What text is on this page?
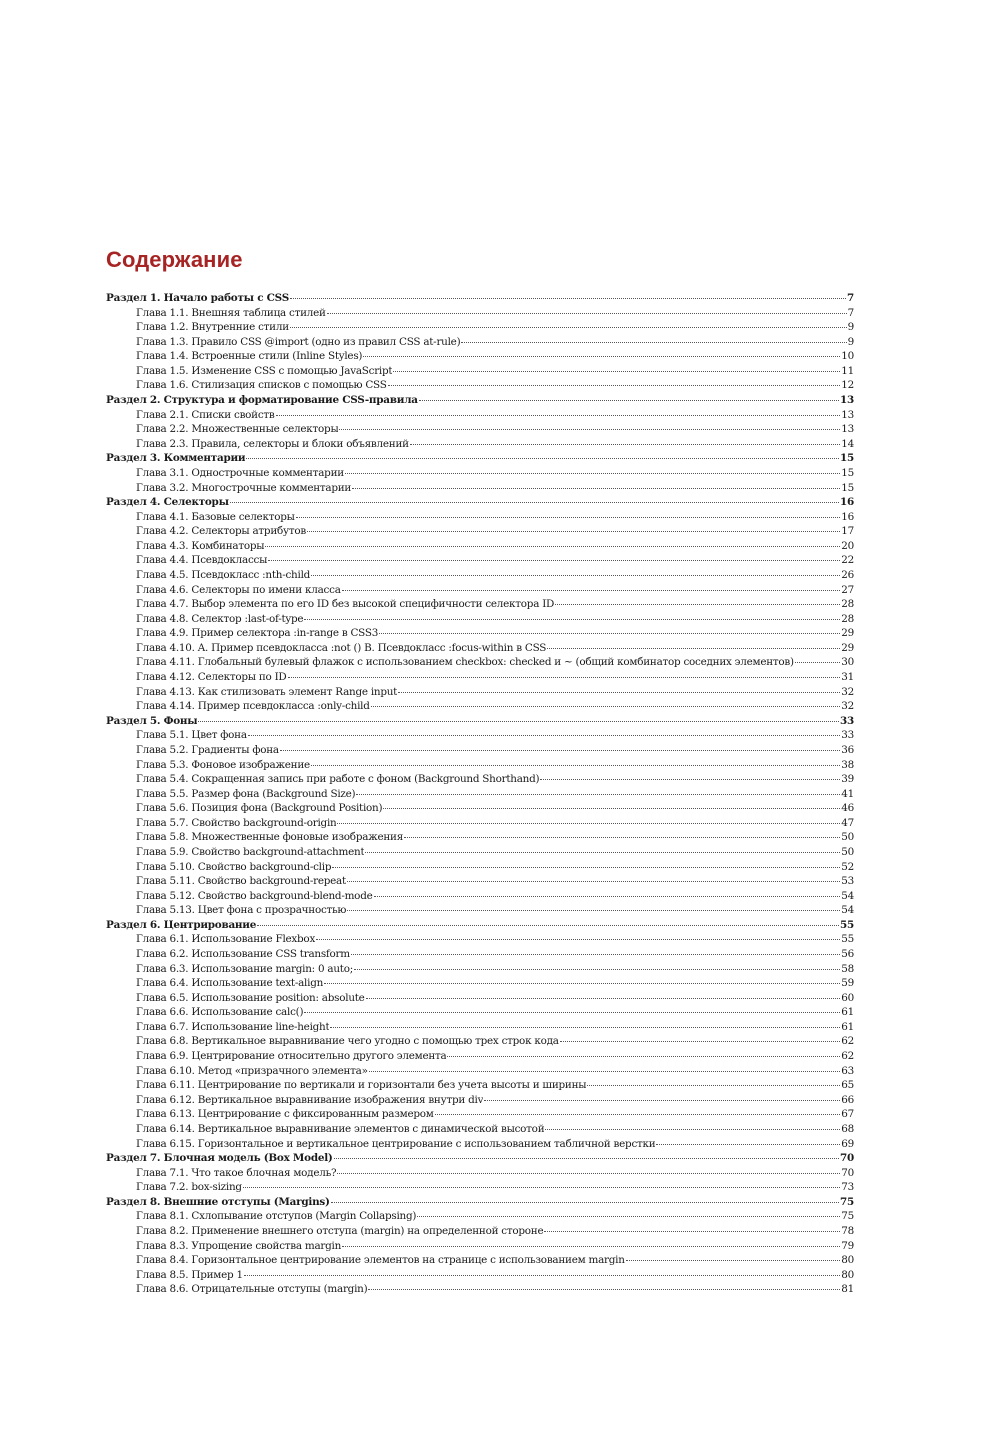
Содержание
Раздел 1. Начало работы с CSS	7
Глава 1.1. Внешняя таблица стилей	7
Глава 1.2. Внутренние стили	9
Глава 1.3. Правило CSS @import (одно из правил CSS at-rule)	9
Глава 1.4. Встроенные стили (Inline Styles)	10
Глава 1.5. Изменение CSS с помощью JavaScript	11
Глава 1.6. Стилизация списков с помощью CSS	12
Раздел 2. Структура и форматирование CSS-правила	13
Глава 2.1. Списки свойств	13
Глава 2.2. Множественные селекторы	13
Глава 2.3. Правила, селекторы и блоки объявлений	14
Раздел 3. Комментарии	15
Глава 3.1. Однострочные комментарии	15
Глава 3.2. Многострочные комментарии	15
Раздел 4. Селекторы	16
Глава 4.1. Базовые селекторы	16
Глава 4.2. Селекторы атрибутов	17
Глава 4.3. Комбинаторы	20
Глава 4.4. Псевдоклассы	22
Глава 4.5. Псевдокласс :nth-child	26
Глава 4.6. Селекторы по имени класса	27
Глава 4.7. Выбор элемента по его ID без высокой специфичности селектора ID	28
Глава 4.8. Селектор :last-of-type	28
Глава 4.9. Пример селектора :in-range в CSS3	29
Глава 4.10. A. Пример псевдокласса :not () B. Псевдокласс :focus-within в CSS	29
Глава 4.11. Глобальный булевый флажок с использованием checkbox: checked и ~ (общий комбинатор соседних элементов)	30
Глава 4.12. Селекторы по ID	31
Глава 4.13. Как стилизовать элемент Range input	32
Глава 4.14. Пример псевдокласса :only-child	32
Раздел 5. Фоны	33
Глава 5.1. Цвет фона	33
Глава 5.2. Градиенты фона	36
Глава 5.3. Фоновое изображение	38
Глава 5.4. Сокращенная запись при работе с фоном (Background Shorthand)	39
Глава 5.5. Размер фона (Background Size)	41
Глава 5.6. Позиция фона (Background Position)	46
Глава 5.7. Свойство background-origin	47
Глава 5.8. Множественные фоновые изображения	50
Глава 5.9. Свойство background-attachment	50
Глава 5.10. Свойство background-clip	52
Глава 5.11. Свойство background-repeat	53
Глава 5.12. Свойство background-blend-mode	54
Глава 5.13. Цвет фона с прозрачностью	54
Раздел 6. Центрирование	55
Глава 6.1. Использование Flexbox	55
Глава 6.2. Использование CSS transform	56
Глава 6.3. Использование margin: 0 auto;	58
Глава 6.4. Использование text-align	59
Глава 6.5. Использование position: absolute	60
Глава 6.6. Использование calc()	61
Глава 6.7. Использование line-height	61
Глава 6.8. Вертикальное выравнивание чего угодно с помощью трех строк кода	62
Глава 6.9. Центрирование относительно другого элемента	62
Глава 6.10. Метод «призрачного элемента»	63
Глава 6.11. Центрирование по вертикали и горизонтали без учета высоты и ширины	65
Глава 6.12. Вертикальное выравнивание изображения внутри div	66
Глава 6.13. Центрирование с фиксированным размером	67
Глава 6.14. Вертикальное выравнивание элементов с динамической высотой	68
Глава 6.15. Горизонтальное и вертикальное центрирование с использованием табличной верстки	69
Раздел 7. Блочная модель (Box Model)	70
Глава 7.1. Что такое блочная модель?	70
Глава 7.2. box-sizing	73
Раздел 8. Внешние отступы (Margins)	75
Глава 8.1. Схлопывание отступов (Margin Collapsing)	75
Глава 8.2. Применение внешнего отступа (margin) на определенной стороне	78
Глава 8.3. Упрощение свойства margin	79
Глава 8.4. Горизонтальное центрирование элементов на странице с использованием margin	80
Глава 8.5. Пример 1	80
Глава 8.6. Отрицательные отступы (margin)	81
